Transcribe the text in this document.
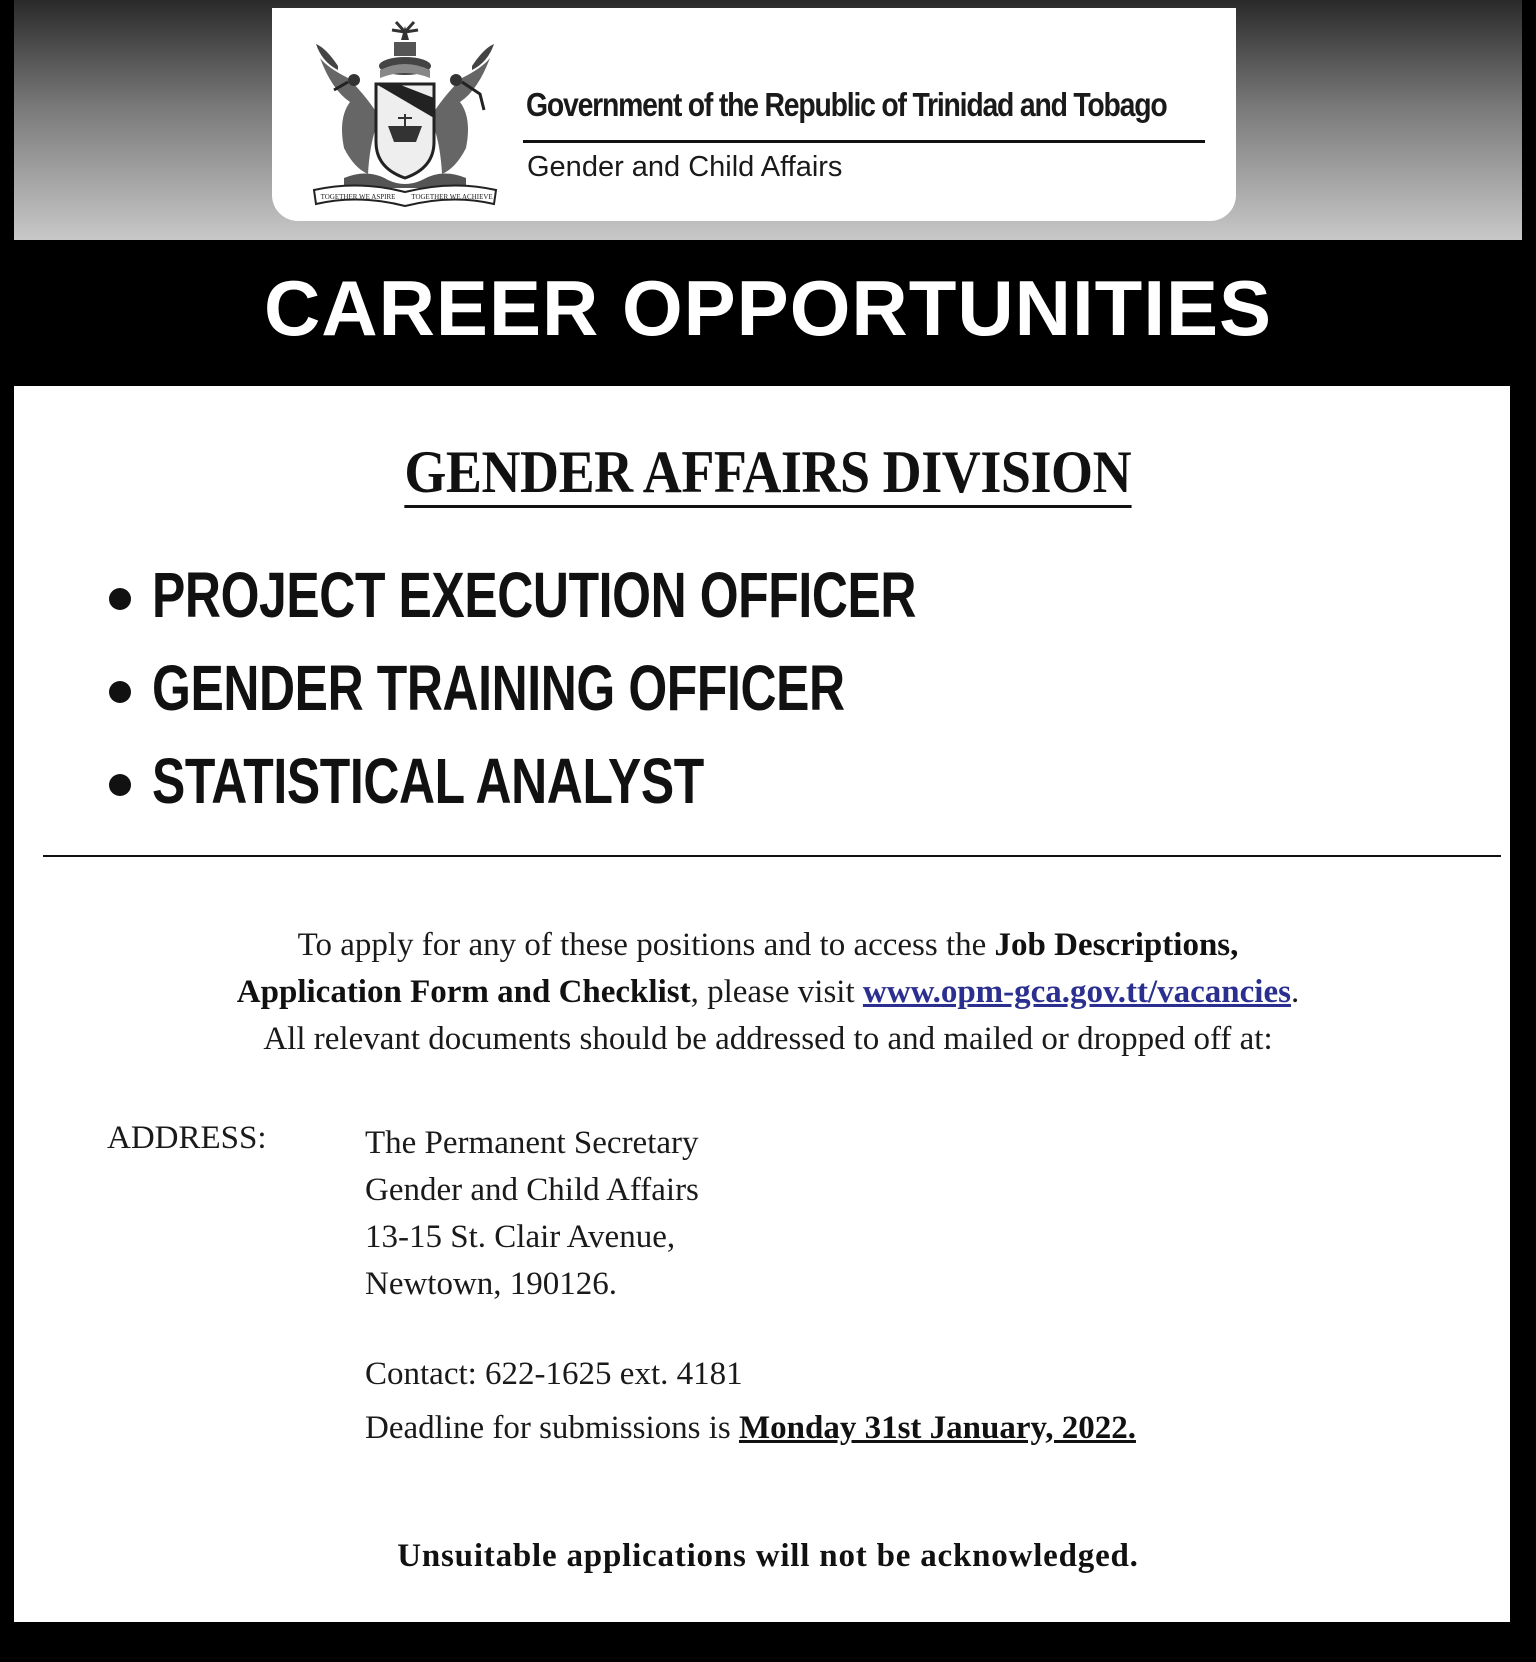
TOGETHER WE ASPIRE TOGETHER WE ACHIEVE
Government of the Republic of Trinidad and Tobago
Gender and Child Affairs
CAREER OPPORTUNITIES
GENDER AFFAIRS DIVISION
PROJECT EXECUTION OFFICER
GENDER TRAINING OFFICER
STATISTICAL ANALYST
To apply for any of these positions and to access the Job Descriptions,
Application Form and Checklist, please visit www.opm-gca.gov.tt/vacancies.
All relevant documents should be addressed to and mailed or dropped off at:
ADDRESS:	The Permanent Secretary
Gender and Child Affairs
13-15 St. Clair Avenue,
Newtown, 190126.
Contact: 622-1625 ext. 4181
Deadline for submissions is Monday 31st January, 2022.
Unsuitable applications will not be acknowledged.
